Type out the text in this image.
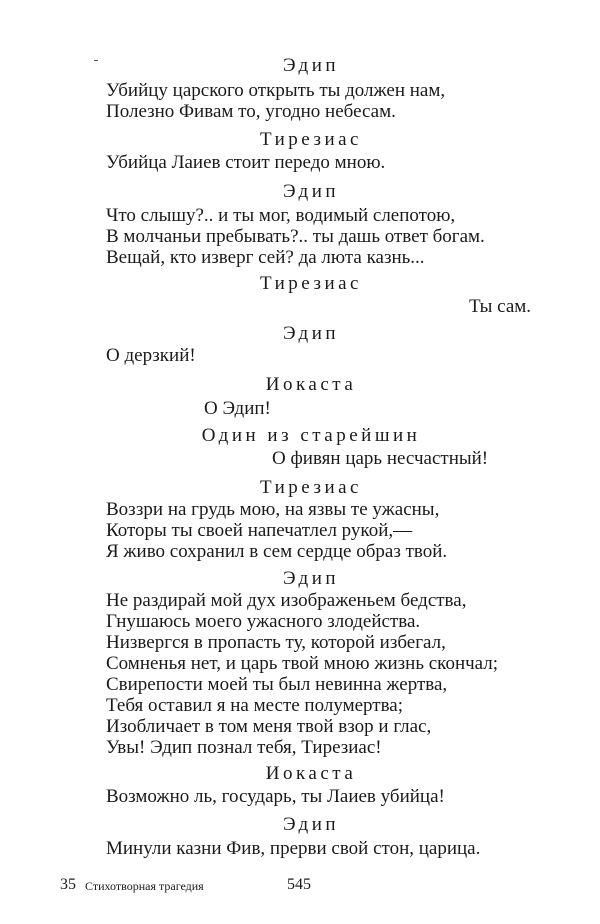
Эдип
Убийцу царского открыть ты должен нам,
Полезно Фивам то, угодно небесам.
Тирезиас
Убийца Лаиев стоит передо мною.
Эдип
Что слышу?.. и ты мог, водимый слепотою,
В молчаньи пребывать?.. ты дашь ответ богам.
Вещай, кто изверг сей? да люта казнь...
Тирезиас
Ты сам.
Эдип
О дерзкий!
Иокаста
О Эдип!
Один из старейшин
О фивян царь несчастный!
Тирезиас
Воззри на грудь мою, на язвы те ужасны,
Которы ты своей напечатлел рукой,—
Я живо сохранил в сем сердце образ твой.
Эдип
Не раздирай мой дух изображеньем бедства,
Гнушаюсь моего ужасного злодейства.
Низвергся в пропасть ту, которой избегал,
Сомненья нет, и царь твой мною жизнь скончал;
Свирепости моей ты был невинна жертва,
Тебя оставил я на месте полумертва;
Изобличает в том меня твой взор и глас,
Увы! Эдип познал тебя, Тирезиас!
Иокаста
Возможно ль, государь, ты Лаиев убийца!
Эдип
Минули казни Фив, прерви свой стон, царица.
35 Стихотворная трагедия	545
